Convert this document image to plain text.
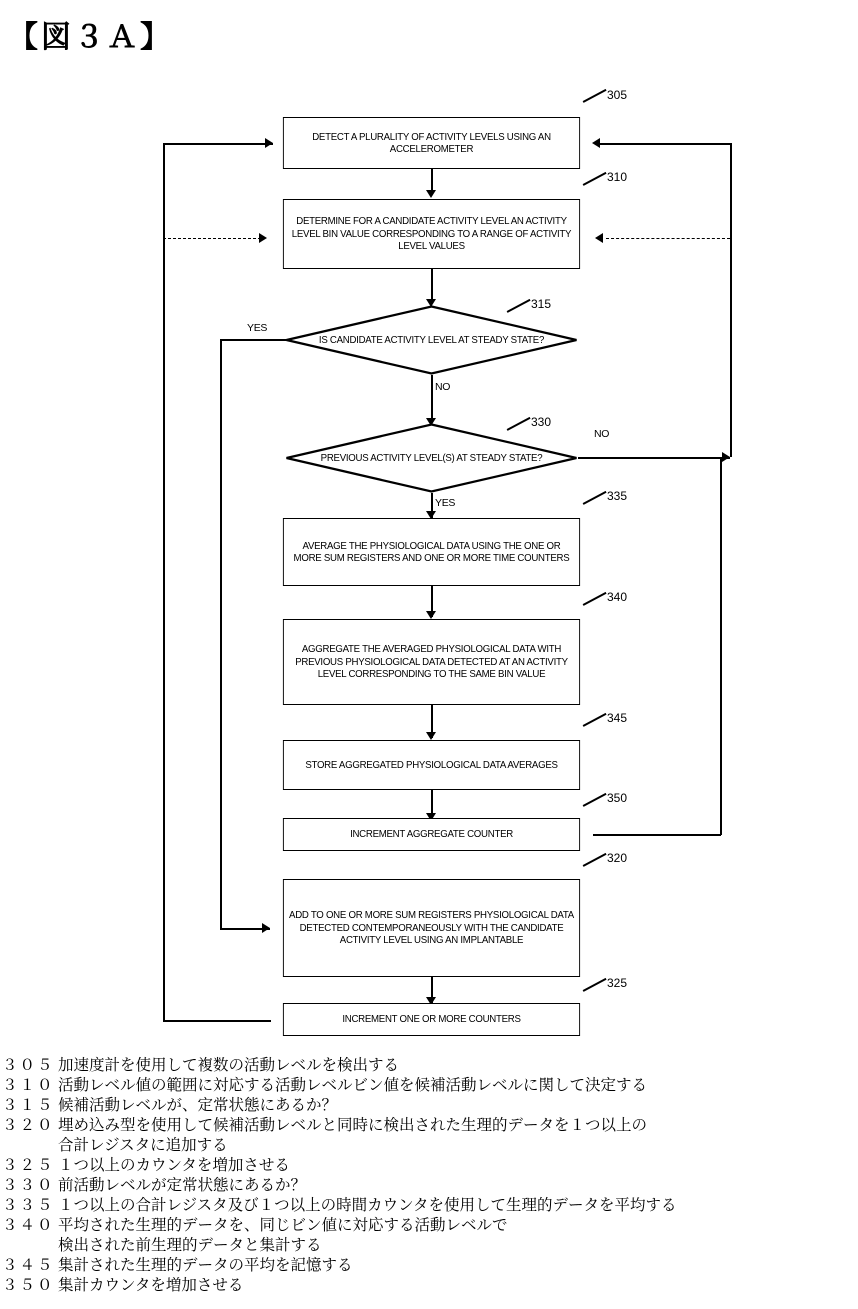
【図３Ａ】
DETECT A PLURALITY OF ACTIVITY LEVELS USING AN ACCELEROMETER
305
DETERMINE FOR A CANDIDATE ACTIVITY LEVEL AN ACTIVITY LEVEL BIN VALUE CORRESPONDING TO A RANGE OF ACTIVITY LEVEL VALUES
310
IS CANDIDATE ACTIVITY LEVEL AT STEADY STATE?
315
YES
NO
PREVIOUS ACTIVITY LEVEL(S) AT STEADY STATE?
330
NO
YES
AVERAGE THE PHYSIOLOGICAL DATA USING THE ONE OR MORE SUM REGISTERS AND ONE OR MORE TIME COUNTERS
335
AGGREGATE THE AVERAGED PHYSIOLOGICAL DATA WITH PREVIOUS PHYSIOLOGICAL DATA DETECTED AT AN ACTIVITY LEVEL CORRESPONDING TO THE SAME BIN VALUE
340
STORE AGGREGATED PHYSIOLOGICAL DATA AVERAGES
345
INCREMENT AGGREGATE COUNTER
350
ADD TO ONE OR MORE SUM REGISTERS PHYSIOLOGICAL DATA DETECTED CONTEMPORANEOUSLY WITH THE CANDIDATE ACTIVITY LEVEL USING AN IMPLANTABLE
320
INCREMENT ONE OR MORE COUNTERS
325
３０５ 加速度計を使用して複数の活動レベルを検出する
３１０ 活動レベル値の範囲に対応する活動レベルビン値を候補活動レベルに関して決定する
３１５ 候補活動レベルが、定常状態にあるか？
３２０ 埋め込み型を使用して候補活動レベルと同時に検出された生理的データを１つ以上の
合計レジスタに追加する
３２５ １つ以上のカウンタを増加させる
３３０ 前活動レベルが定常状態にあるか？
３３５ １つ以上の合計レジスタ及び１つ以上の時間カウンタを使用して生理的データを平均する
３４０ 平均された生理的データを、同じビン値に対応する活動レベルで
検出された前生理的データと集計する
３４５ 集計された生理的データの平均を記憶する
３５０ 集計カウンタを増加させる
